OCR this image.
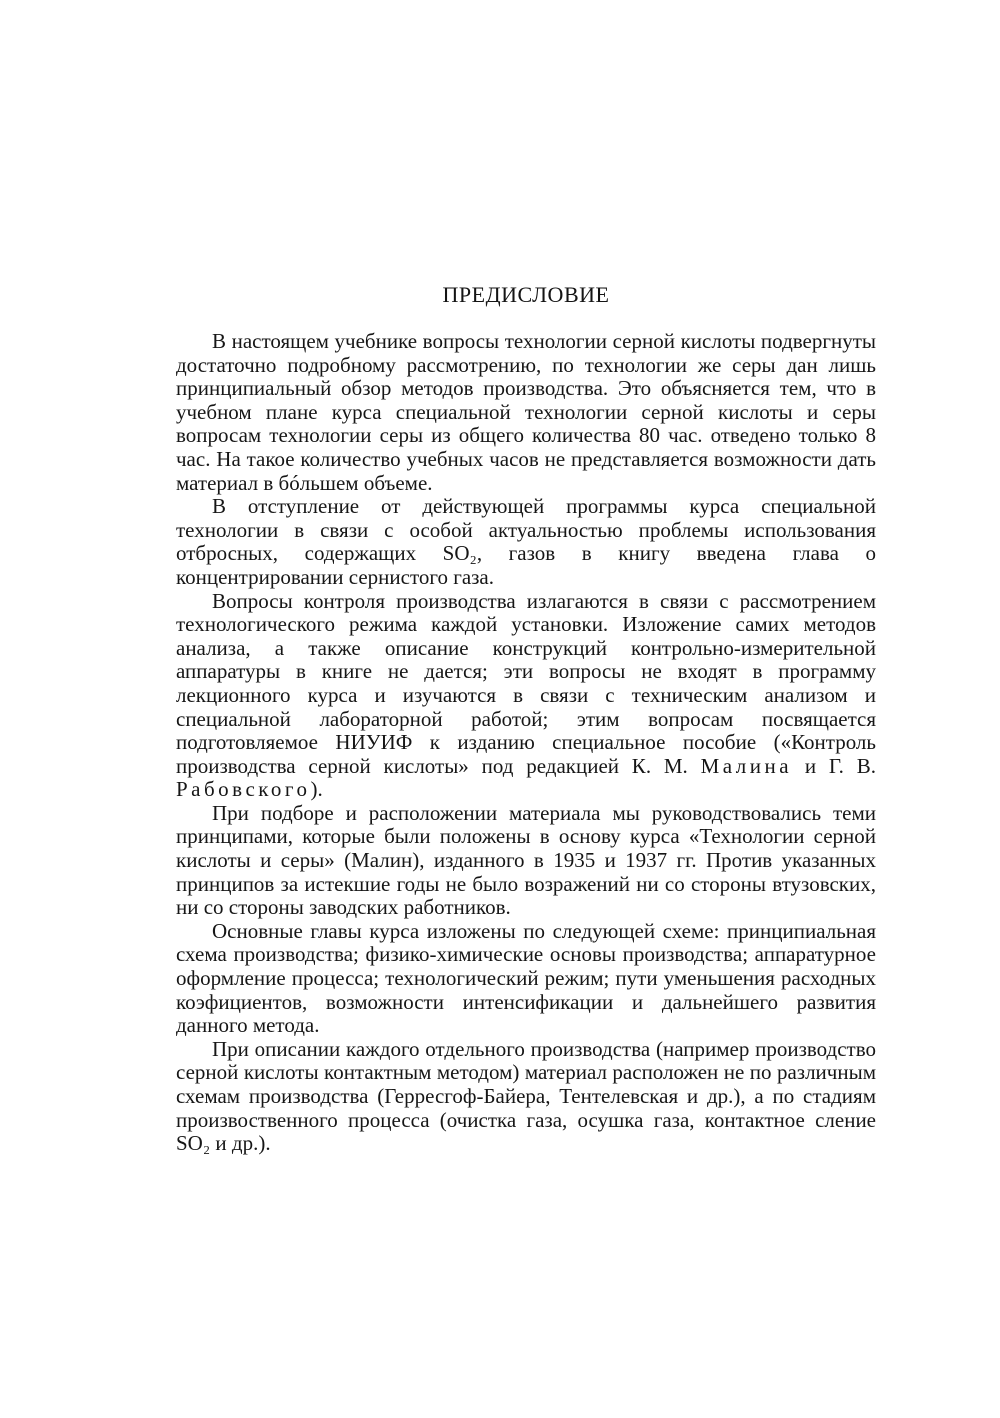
ПРЕДИСЛОВИЕ

В настоящем учебнике вопросы технологии серной кислоты подвергнуты достаточно подробному рассмотрению, по технологии же серы дан лишь принципиальный обзор методов производства. Это объясняется тем, что в учебном плане курса специальной технологии серной кислоты и серы вопросам технологии серы из общего количества 80 час. отведено только 8 час. На такое количество учебных часов не представляется возможности дать материал в бóльшем объеме.

В отступление от действующей программы курса специальной технологии в связи с особой актуальностью проблемы использования отбросных, содержащих SO₂, газов в книгу введена глава о концентрировании сернистого газа.

Вопросы контроля производства излагаются в связи с рассмотрением технологического режима каждой установки. Изложение самих методов анализа, а также описание конструкций контрольно-измерительной аппаратуры в книге не дается; эти вопросы не входят в программу лекционного курса и изучаются в связи с техническим анализом и специальной лабораторной работой; этим вопросам посвящается подготовляемое НИУИФ к изданию специальное пособие («Контроль производства серной кислоты» под редакцией К. М. Малина и Г. В. Рабовского).

При подборе и расположении материала мы руководствовались теми принципами, которые были положены в основу курса «Технологии серной кислоты и серы» (Малин), изданного в 1935 и 1937 гг. Против указанных принципов за истекшие годы не было возражений ни со стороны втузовских, ни со стороны заводских работников.

Основные главы курса изложены по следующей схеме: принципиальная схема производства; физико-химические основы производства; аппаратурное оформление процесса; технологический режим; пути уменьшения расходных коэфициентов, возможности интенсификации и дальнейшего развития данного метода.

При описании каждого отдельного производства (например производство серной кислоты контактным методом) материал расположен не по различным схемам производства (Герресгоф-Байера, Тентелевская и др.), а по стадиям произвоственного процесса (очистка газа, осушка газа, контактное сление SO₂ и др.).
